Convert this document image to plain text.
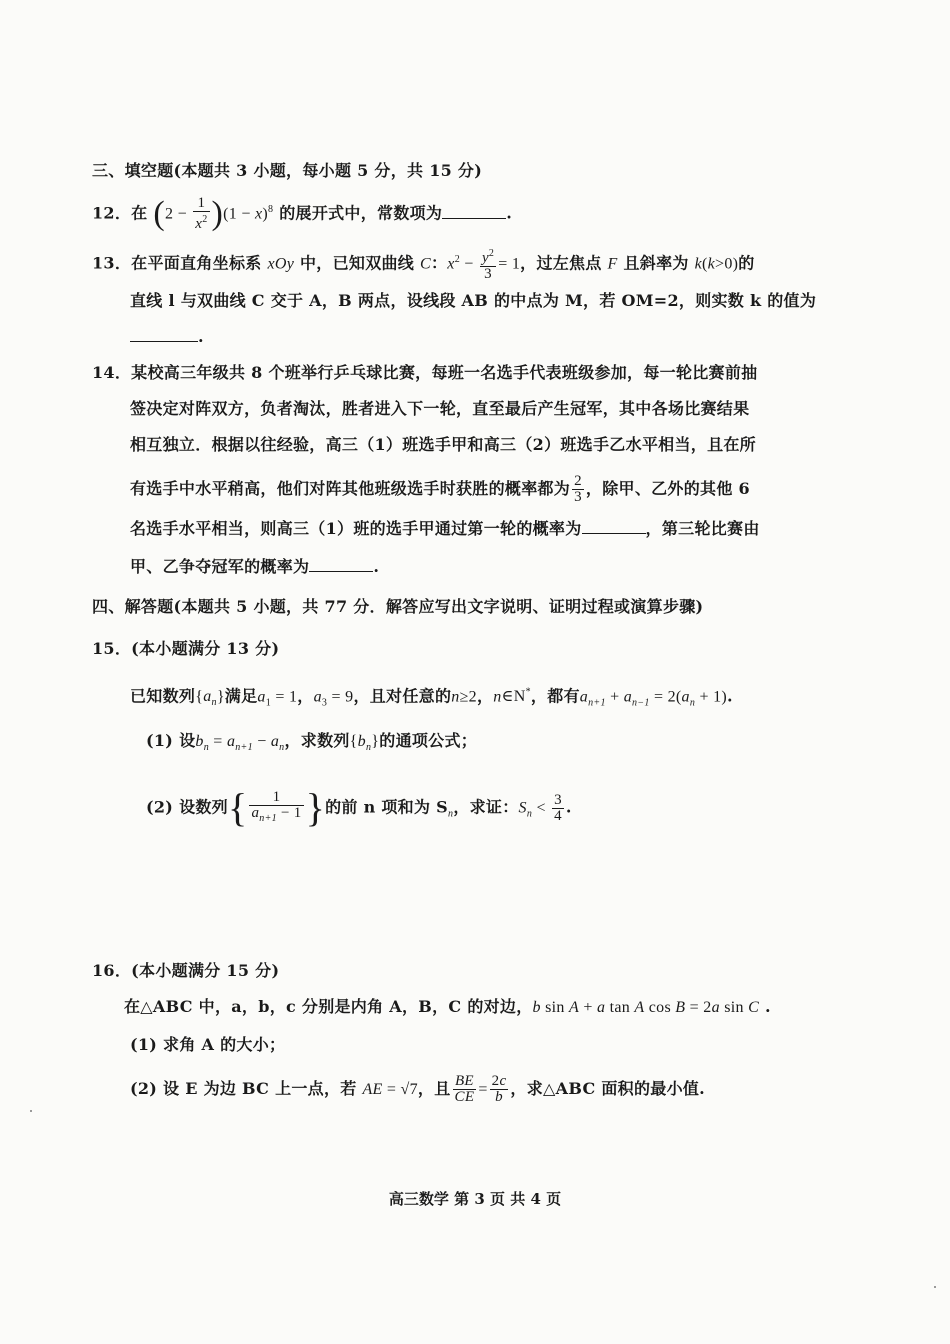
三、填空题(本题共 3 小题，每小题 5 分，共 15 分)
12．在 $(2 - \frac{1}{x^2} )(1 - x)^8$ 的展开式中，常数项为	.
13．在平面直角坐标系 xOy 中，已知双曲线 C：$x^2 - \frac{y^2}{3} = 1$，过左焦点 F 且斜率为 k(k>0)的
直线 l 与双曲线 C 交于 A，B 两点，设线段 AB 的中点为 M，若 OM=2，则实数 k 的值为
.
14．某校高三年级共 8 个班举行乒乓球比赛，每班一名选手代表班级参加，每一轮比赛前抽
签决定对阵双方，负者淘汰，胜者进入下一轮，直至最后产生冠军，其中各场比赛结果
相互独立．根据以往经验，高三（1）班选手甲和高三（2）班选手乙水平相当，且在所
有选手中水平稍高，他们对阵其他班级选手时获胜的概率都为 $\frac{2}{3}$ ，除甲、乙外的其他 6
名选手水平相当，则高三（1）班的选手甲通过第一轮的概率为	，第三轮比赛由
甲、乙争夺冠军的概率为	.
四、解答题(本题共 5 小题，共 77 分．解答应写出文字说明、证明过程或演算步骤)
15．(本小题满分 13 分)
已知数列$\{a_n\}$满足$a_1 = 1$，$a_3 = 9$，且对任意的n≥2，n∈N*，都有$a_{n+1} + a_{n-1} = 2(a_n + 1)$.
(1) 设$b_n = a_{n+1} - a_n$，求数列$\{b_n\}$的通项公式；
(2) 设数列{ $\frac{1}{a_{n+1} - 1}$ }的前 n 项和为 $S_n$，求证：$S_n < \frac{3}{4}$ .
16．(本小题满分 15 分)
在△ABC 中，a，b，c 分别是内角 A，B，C 的对边，b sin A + a tan A cos B = 2a sin C .
(1) 求角 A 的大小；
(2) 设 E 为边 BC 上一点，若 AE = √7，且 $\frac{BE}{CE} = \frac{2c}{b}$ ，求△ABC 面积的最小值.
高三数学 第 3 页 共 4 页
